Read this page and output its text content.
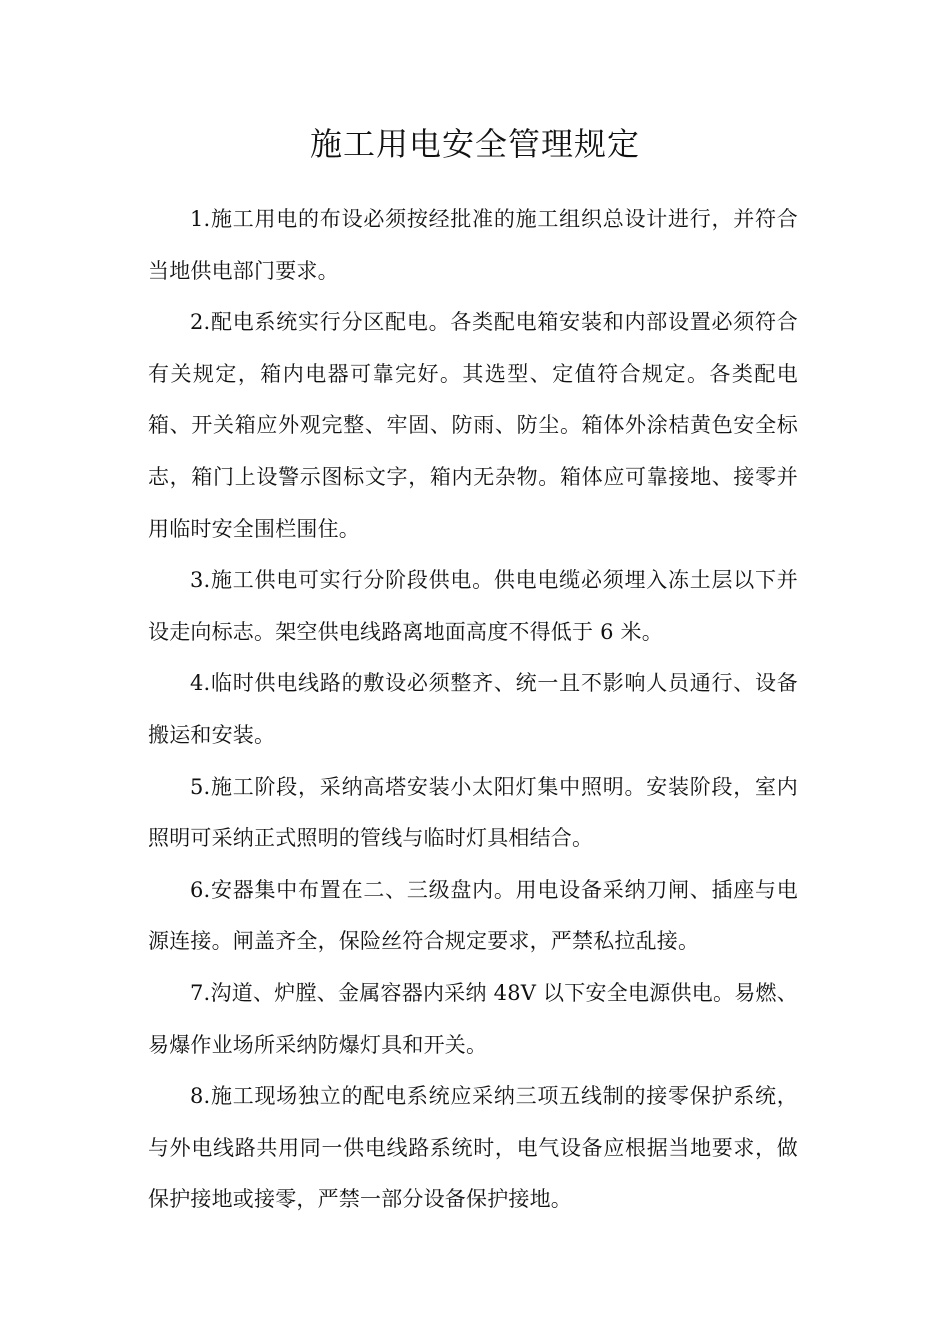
施工用电安全管理规定

1.施工用电的布设必须按经批准的施工组织总设计进行，并符合当地供电部门要求。

2.配电系统实行分区配电。各类配电箱安装和内部设置必须符合有关规定，箱内电器可靠完好。其选型、定值符合规定。各类配电箱、开关箱应外观完整、牢固、防雨、防尘。箱体外涂桔黄色安全标志，箱门上设警示图标文字，箱内无杂物。箱体应可靠接地、接零并用临时安全围栏围住。

3.施工供电可实行分阶段供电。供电电缆必须埋入冻土层以下并设走向标志。架空供电线路离地面高度不得低于 6 米。

4.临时供电线路的敷设必须整齐、统一且不影响人员通行、设备搬运和安装。

5.施工阶段，采纳高塔安装小太阳灯集中照明。安装阶段，室内照明可采纳正式照明的管线与临时灯具相结合。

6.安器集中布置在二、三级盘内。用电设备采纳刀闸、插座与电源连接。闸盖齐全，保险丝符合规定要求，严禁私拉乱接。

7.沟道、炉膛、金属容器内采纳 48V 以下安全电源供电。易燃、易爆作业场所采纳防爆灯具和开关。

8.施工现场独立的配电系统应采纳三项五线制的接零保护系统，与外电线路共用同一供电线路系统时，电气设备应根据当地要求，做保护接地或接零，严禁一部分设备保护接地。
